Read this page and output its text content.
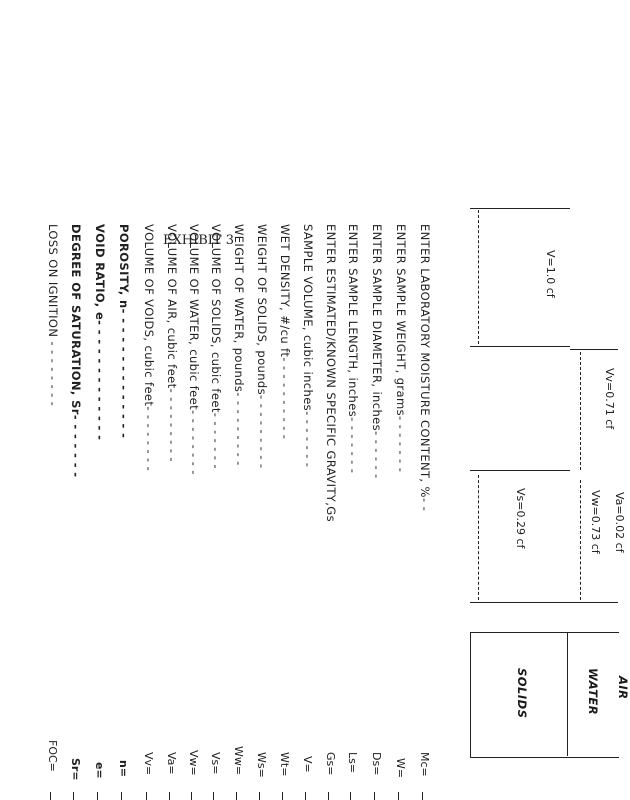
V=1.0 cf
Vv=0.71 cf
Va=0.02 cf
Vw=0.73 cf
Vs=0.29 cf
SOLIDS	WATER AIR
EXHIBIT 3	ENTER LABORATORY MOISTURE CONTENT, %- -
Mc=
ENTER SAMPLE WEIGHT, grams- - - - - - -
W=
ENTER SAMPLE DIAMETER, inches- - - - - -
Ds=
ENTER SAMPLE LENGTH, inches- - - - - - -
Ls=
ENTER ESTIMATED/KNOWN SPECIFIC GRAVITY,Gs
Gs=
SAMPLE VOLUME, cubic inches- - - - - - -
V=
WET DENSITY, #/cu ft- - - - - - - - - -
Wt=
WEIGHT OF SOLIDS, pounds- - - - - - - - -
Ws=
WEIGHT OF WATER, pounds- - - - - - - - -
Ww=
VOLUME OF SOLIDS, cubic feet- - - - - - -
Vs=
VOLUME OF WATER, cubic feet- - - - - - - -
Vw=
VOLUME OF AIR, cubic feet- - - - - - - - -
Va=
VOLUME OF VOIDS, cubic feet- - - - - - - -
Vv=
POROSITY, n- - - - - - - - - - - - - -
n=
VOID RATIO, e- - - - - - - - - - - - -
e=
DEGREE OF SATURATION, Sr- - - - - - -
Sr=
LOSS ON IGNITION - - - - - - - -
FOC=
